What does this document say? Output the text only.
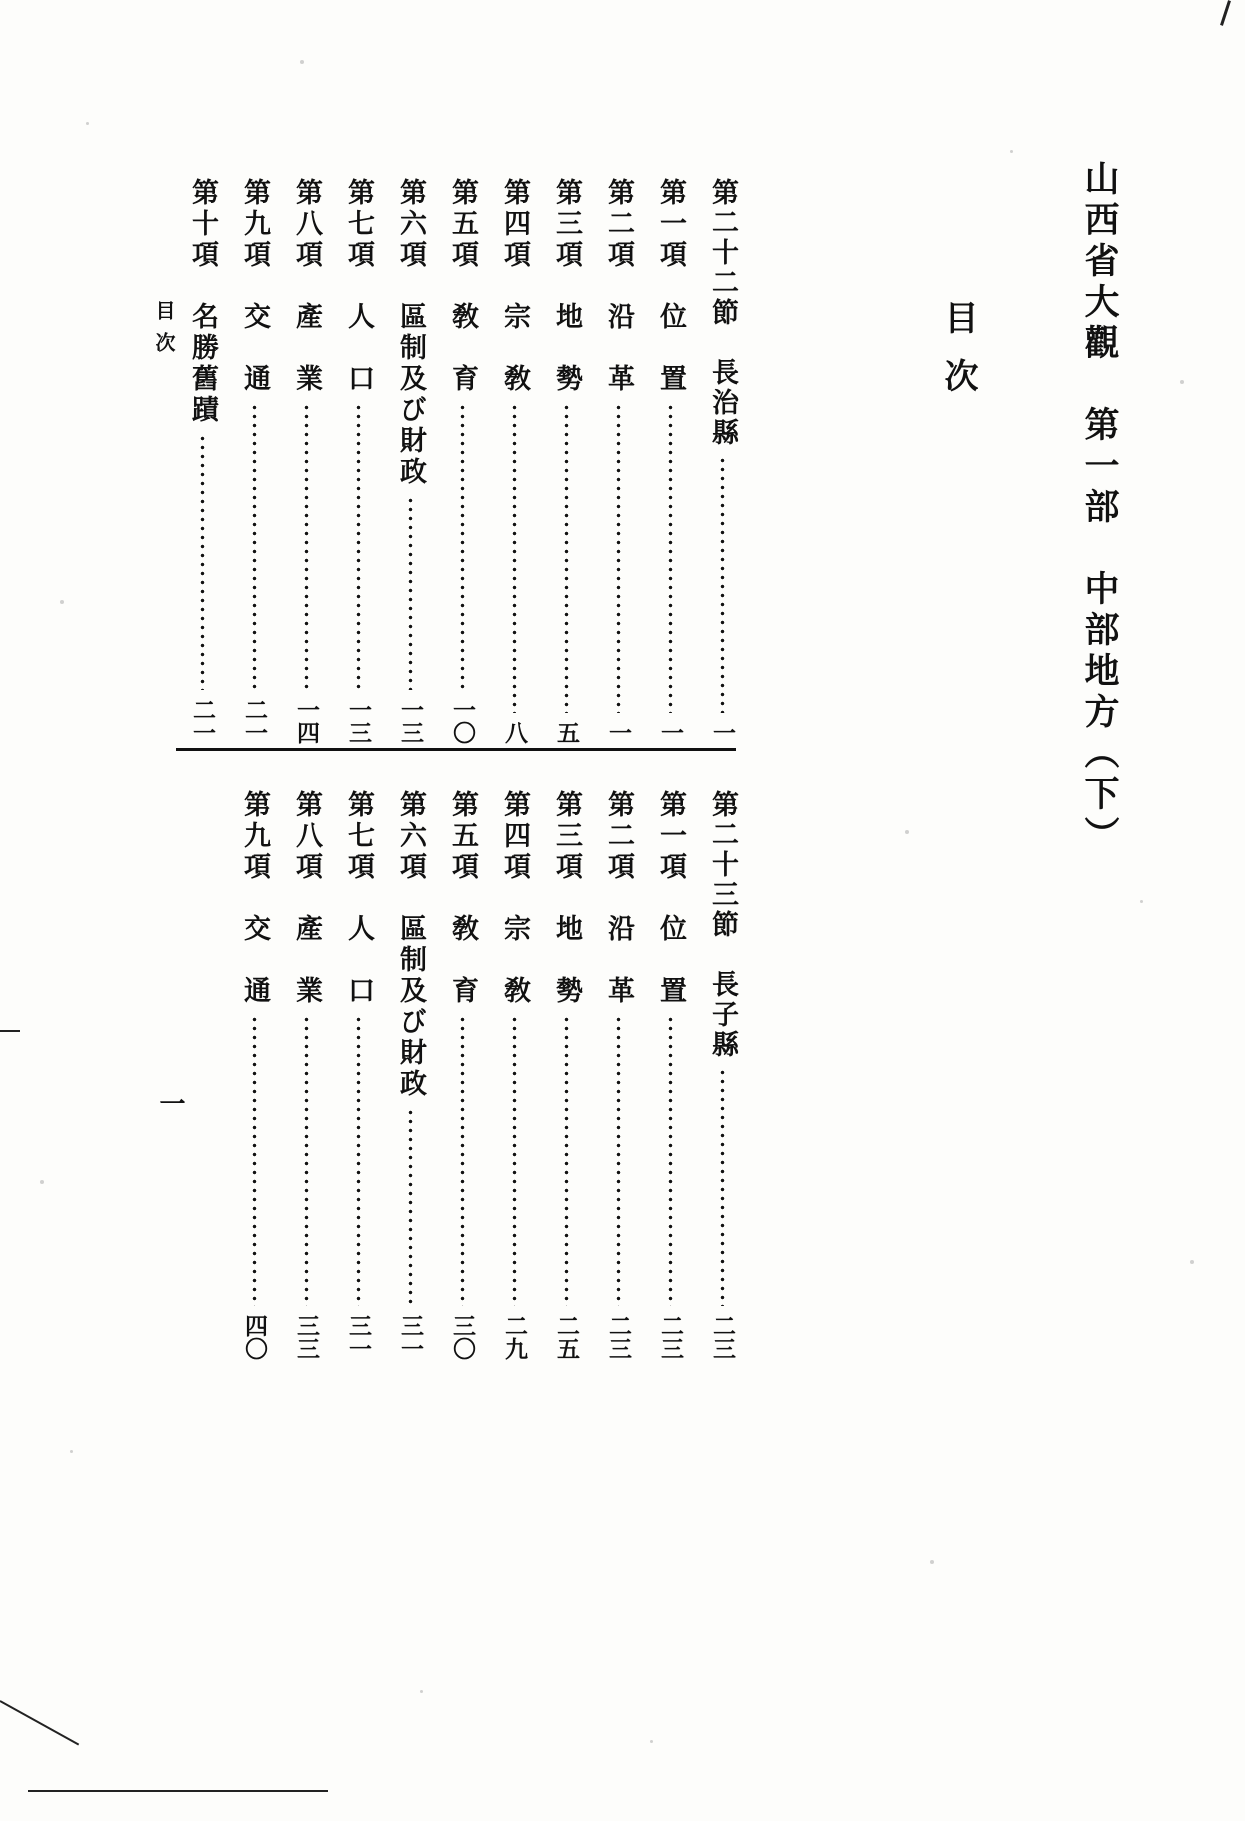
山西省大觀　第一部　中部地方（下）
目次
目次
一
第二十二節　長治縣
一
第一項　位　置
一
第二項　沿　革
一
第三項　地　勢
五
第四項　宗　敎
八
第五項　敎　育
一〇
第六項　區制及び財政
一三
第七項　人　口
一三
第八項　產　業
一四
第九項　交　通
二一
第十項　名勝舊蹟
二一
第二十三節　長子縣
二三
第一項　位　置
二三
第二項　沿　革
二三
第三項　地　勢
二五
第四項　宗　敎
二九
第五項　敎　育
三〇
第六項　區制及び財政
三一
第七項　人　口
三一
第八項　產　業
三三
第九項　交　通
四〇
